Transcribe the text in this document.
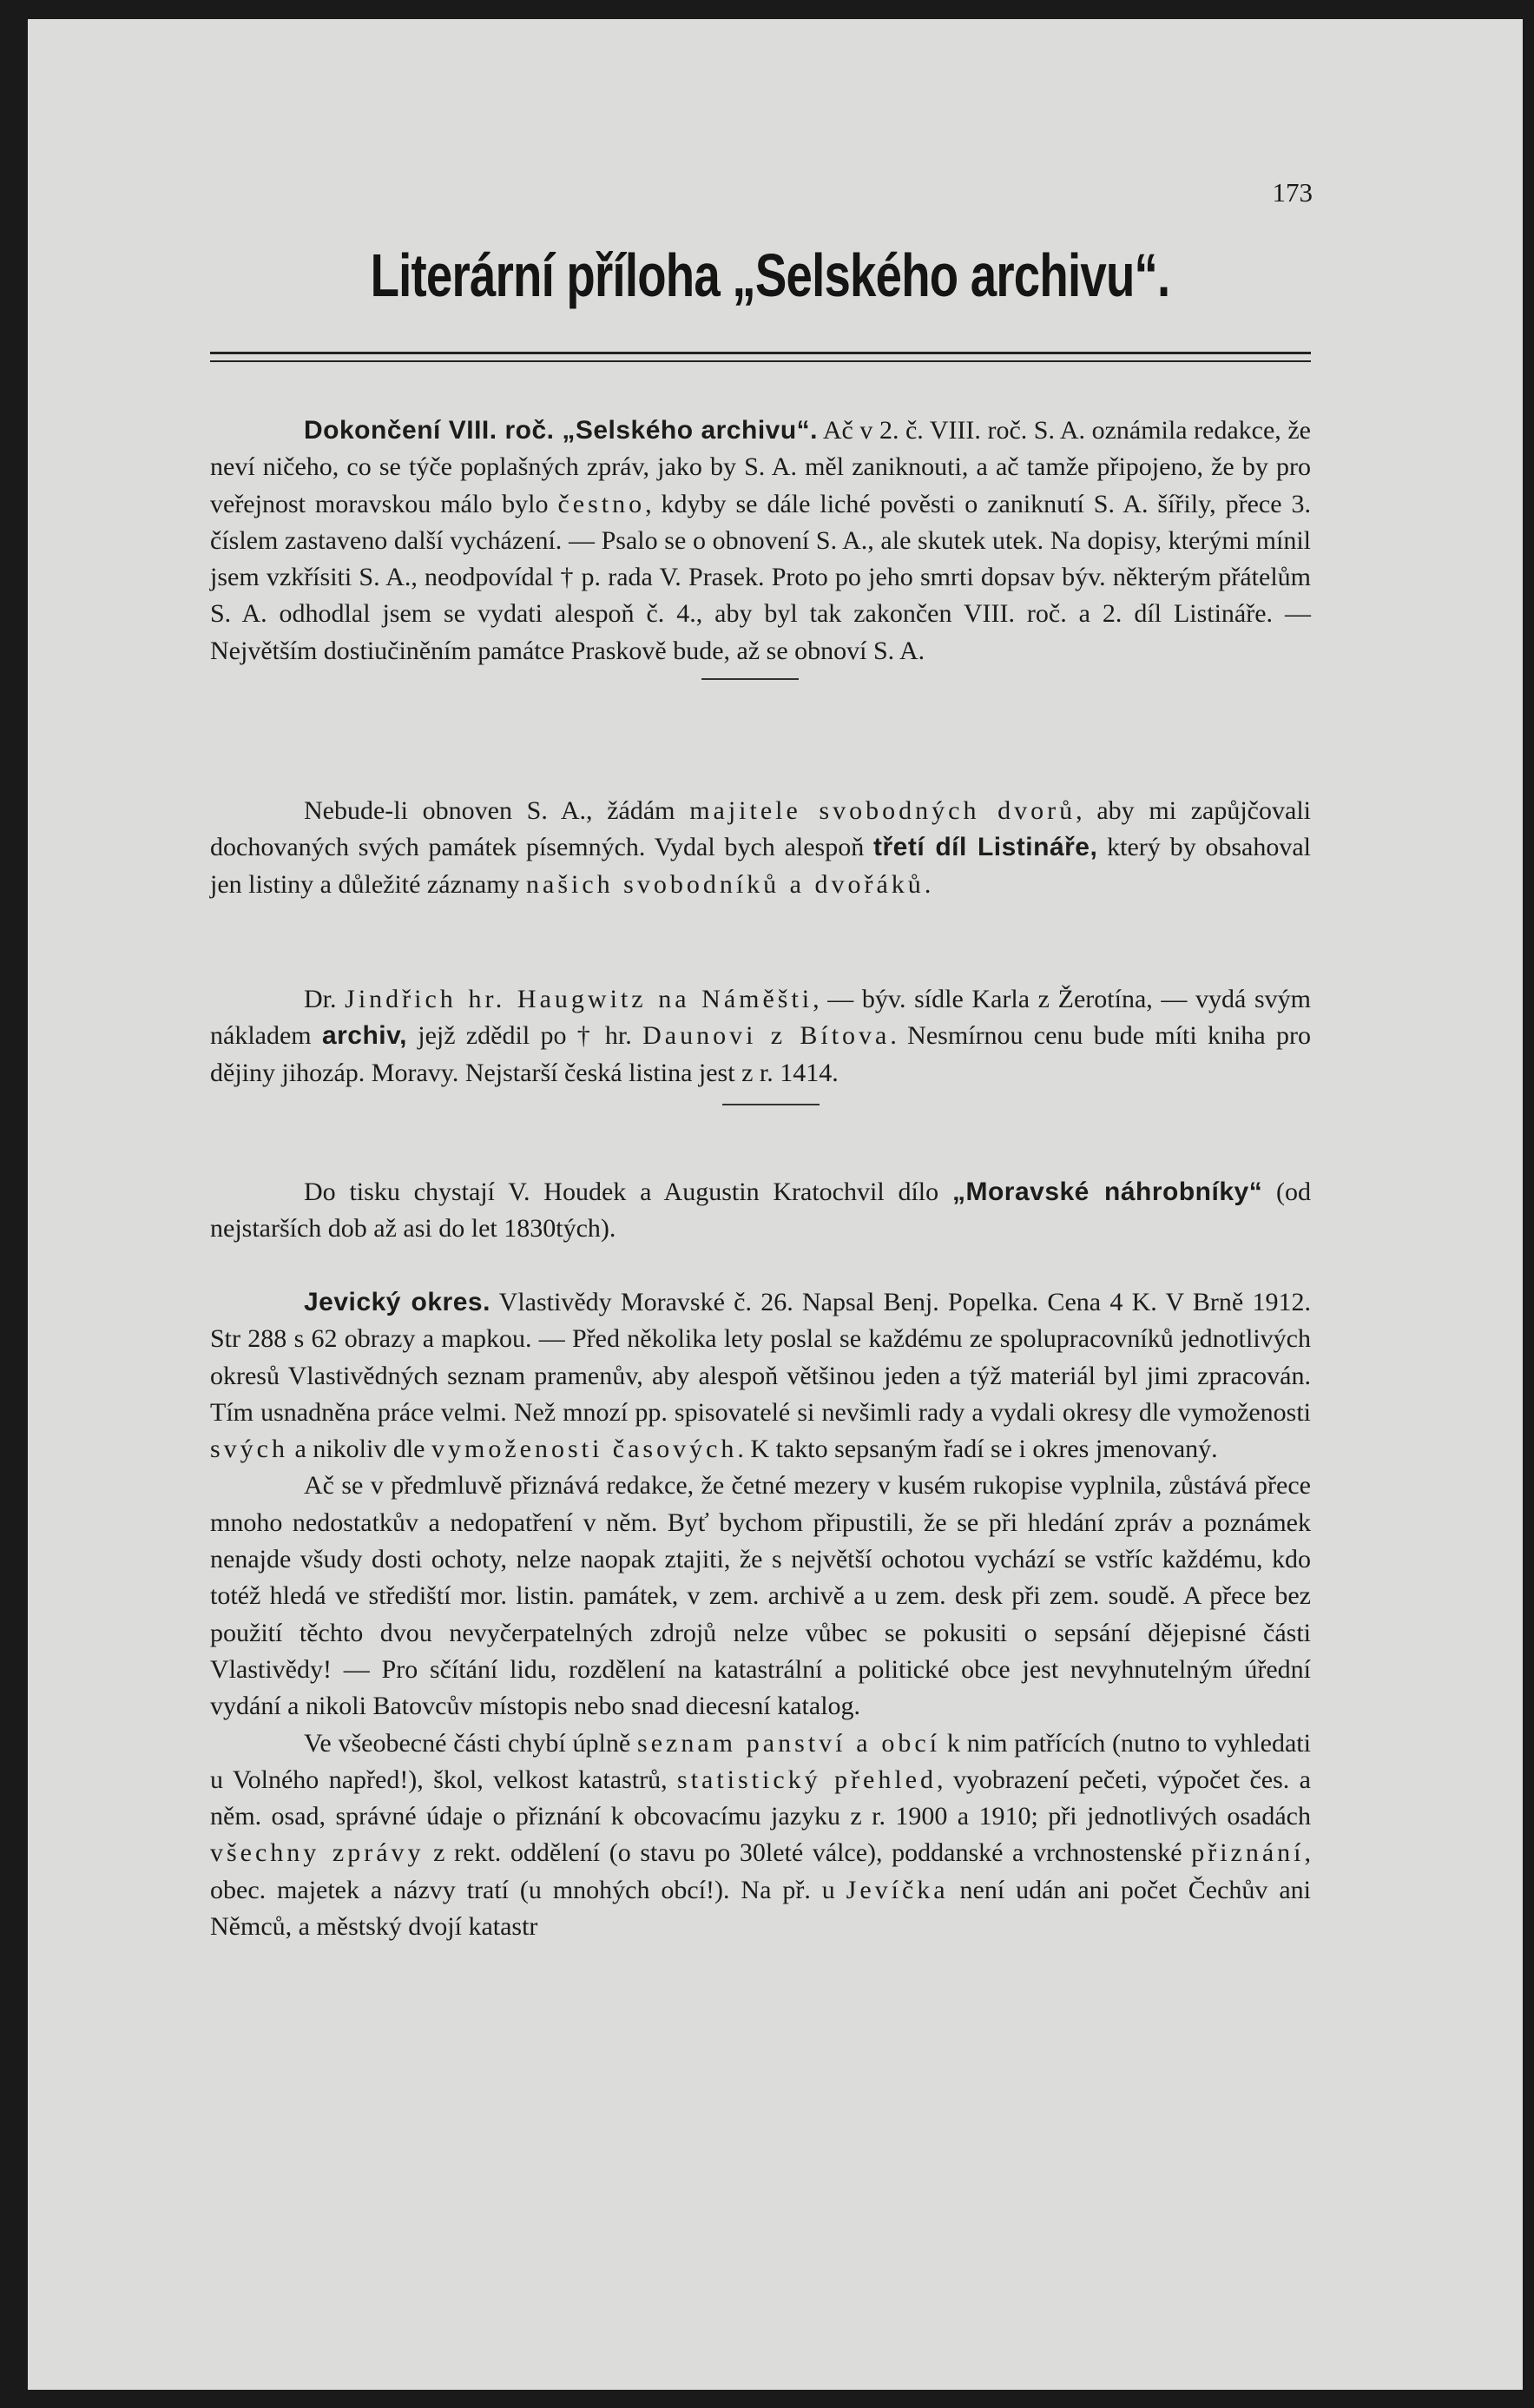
173
Literární příloha „Selského archivu“.

Dokončení VIII. roč. „Selského archivu“. Ač v 2. č. VIII. roč. S. A. oznámila redakce, že neví ničeho, co se týče poplašných zpráv, jako by S. A. měl zaniknouti, a ač tamže připojeno, že by pro veřejnost moravskou málo bylo čestno, kdyby se dále liché pověsti o zaniknutí S. A. šířily, přece 3. číslem zastaveno další vycházení. — Psalo se o obnovení S. A., ale skutek utek. Na dopisy, kterými mínil jsem vzkřísiti S. A., neodpovídal † p. rada V. Prasek. Proto po jeho smrti dopsav býv. některým přátelům S. A. odhodlal jsem se vydati alespoň č. 4., aby byl tak zakončen VIII. roč. a 2. díl Listináře. — Největším dostiučiněním památce Praskově bude, až se obnoví S. A.

Nebude-li obnoven S. A., žádám majitele svobodných dvorů, aby mi zapůjčovali dochovaných svých památek písemných. Vydal bych alespoň třetí díl Listináře, který by obsahoval jen listiny a důležité záznamy našich svobodníků a dvořáků.

Dr. Jindřich hr. Haugwitz na Náměšti, — býv. sídle Karla z Žerotína, — vydá svým nákladem archiv, jejž zdědil po † hr. Daunovi z Bítova. Nesmírnou cenu bude míti kniha pro dějiny jihozáp. Moravy. Nejstarší česká listina jest z r. 1414.

Do tisku chystají V. Houdek a Augustin Kratochvil dílo „Moravské náhrobníky“ (od nejstarších dob až asi do let 1830tých).

Jevický okres. Vlastivědy Moravské č. 26. Napsal Benj. Popelka. Cena 4 K. V Brně 1912. Str 288 s 62 obrazy a mapkou. — Před několika lety poslal se každému ze spolupracovníků jednotlivých okresů Vlastivědných seznam pramenův, aby alespoň většinou jeden a týž materiál byl jimi zpracován. Tím usnadněna práce velmi. Než mnozí pp. spisovatelé si nevšimli rady a vydali okresy dle vymoženosti svých a nikoliv dle vymoženosti časových. K takto sepsaným řadí se i okres jmenovaný.

Ač se v předmluvě přiznává redakce, že četné mezery v kusém rukopise vyplnila, zůstává přece mnoho nedostatkův a nedopatření v něm. Byť bychom připustili, že se při hledání zpráv a poznámek nenajde všudy dosti ochoty, nelze naopak ztajiti, že s největší ochotou vychází se vstříc každému, kdo totéž hledá ve střediští mor. listin. památek, v zem. archivě a u zem. desk při zem. soudě. A přece bez použití těchto dvou nevyčerpatelných zdrojů nelze vůbec se pokusiti o sepsání dějepisné části Vlastivědy! — Pro sčítání lidu, rozdělení na katastrální a politické obce jest nevyhnutelným úřední vydání a nikoli Batovcův místopis nebo snad diecesní katalog.

Ve všeobecné části chybí úplně seznam panství a obcí k nim patřících (nutno to vyhledati u Volného napřed!), škol, velkost katastrů, statistický přehled, vyobrazení pečeti, výpočet čes. a něm. osad, správné údaje o přiznání k obcovacímu jazyku z r. 1900 a 1910; při jednotlivých osadách všechny zprávy z rekt. oddělení (o stavu po 30leté válce), poddanské a vrchnostenské přiznání, obec. majetek a názvy tratí (u mnohých obcí!). Na př. u Jevíčka není udán ani počet Čechův ani Němců, a městský dvojí katastr
